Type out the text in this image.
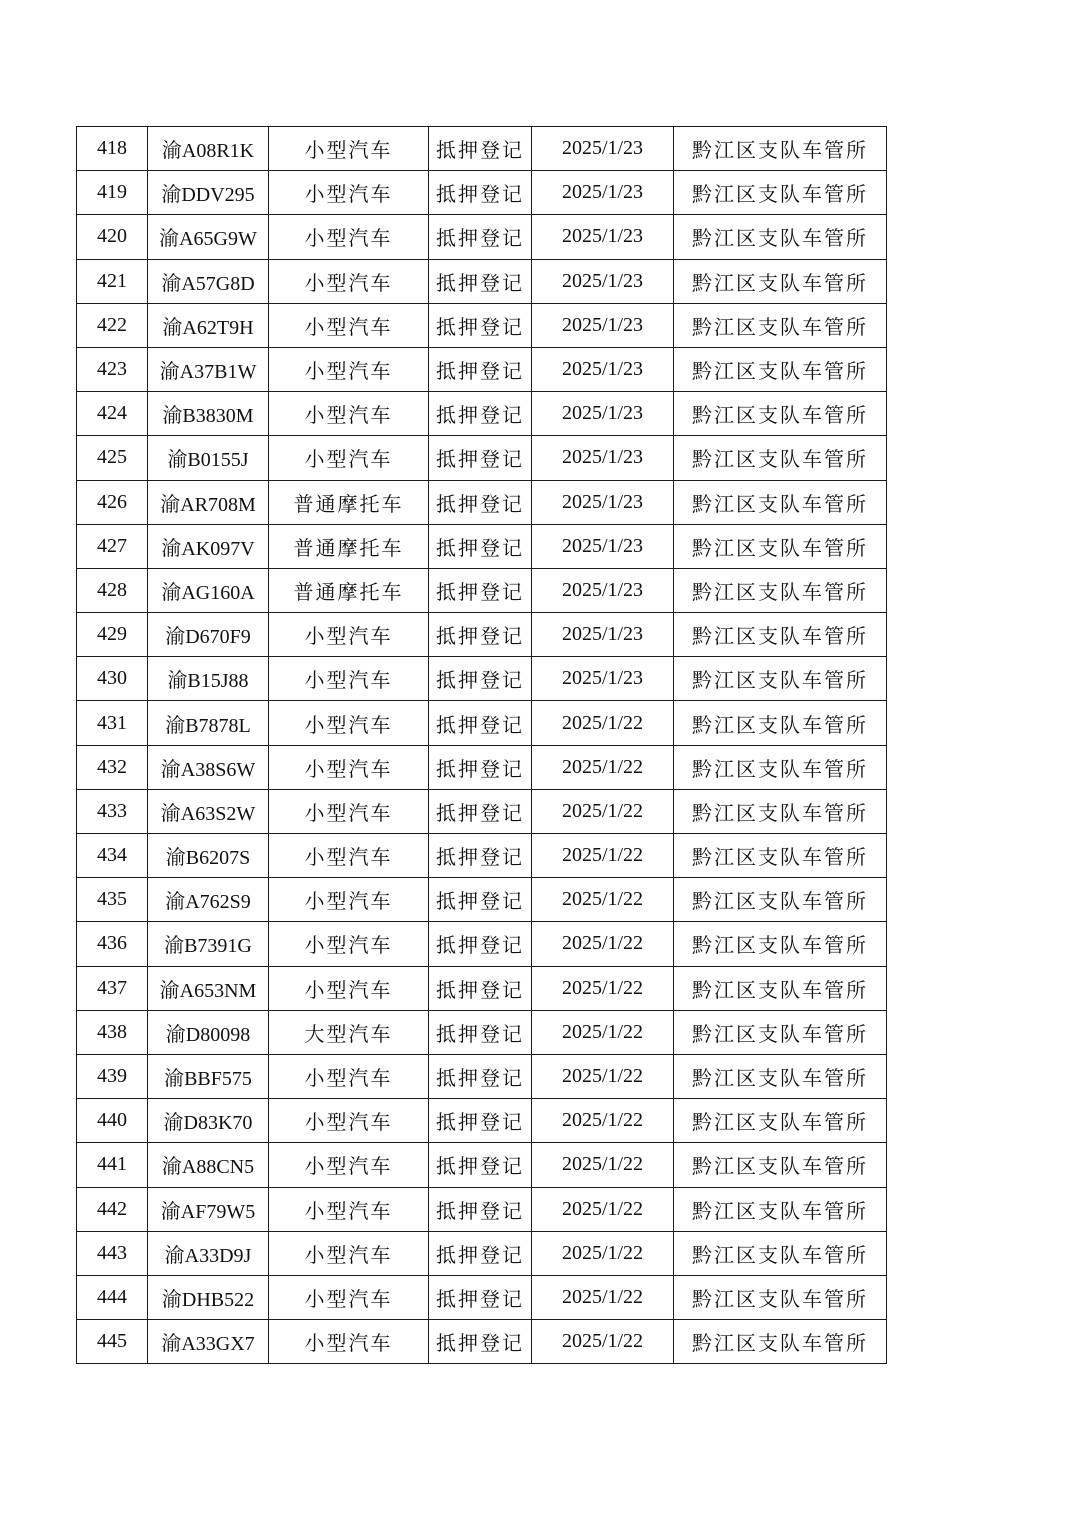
418	渝A08R1K	小型汽车	抵押登记	2025/1/23	黔江区支队车管所
419	渝DDV295	小型汽车	抵押登记	2025/1/23	黔江区支队车管所
420	渝A65G9W	小型汽车	抵押登记	2025/1/23	黔江区支队车管所
421	渝A57G8D	小型汽车	抵押登记	2025/1/23	黔江区支队车管所
422	渝A62T9H	小型汽车	抵押登记	2025/1/23	黔江区支队车管所
423	渝A37B1W	小型汽车	抵押登记	2025/1/23	黔江区支队车管所
424	渝B3830M	小型汽车	抵押登记	2025/1/23	黔江区支队车管所
425	渝B0155J	小型汽车	抵押登记	2025/1/23	黔江区支队车管所
426	渝AR708M	普通摩托车	抵押登记	2025/1/23	黔江区支队车管所
427	渝AK097V	普通摩托车	抵押登记	2025/1/23	黔江区支队车管所
428	渝AG160A	普通摩托车	抵押登记	2025/1/23	黔江区支队车管所
429	渝D670F9	小型汽车	抵押登记	2025/1/23	黔江区支队车管所
430	渝B15J88	小型汽车	抵押登记	2025/1/23	黔江区支队车管所
431	渝B7878L	小型汽车	抵押登记	2025/1/22	黔江区支队车管所
432	渝A38S6W	小型汽车	抵押登记	2025/1/22	黔江区支队车管所
433	渝A63S2W	小型汽车	抵押登记	2025/1/22	黔江区支队车管所
434	渝B6207S	小型汽车	抵押登记	2025/1/22	黔江区支队车管所
435	渝A762S9	小型汽车	抵押登记	2025/1/22	黔江区支队车管所
436	渝B7391G	小型汽车	抵押登记	2025/1/22	黔江区支队车管所
437	渝A653NM	小型汽车	抵押登记	2025/1/22	黔江区支队车管所
438	渝D80098	大型汽车	抵押登记	2025/1/22	黔江区支队车管所
439	渝BBF575	小型汽车	抵押登记	2025/1/22	黔江区支队车管所
440	渝D83K70	小型汽车	抵押登记	2025/1/22	黔江区支队车管所
441	渝A88CN5	小型汽车	抵押登记	2025/1/22	黔江区支队车管所
442	渝AF79W5	小型汽车	抵押登记	2025/1/22	黔江区支队车管所
443	渝A33D9J	小型汽车	抵押登记	2025/1/22	黔江区支队车管所
444	渝DHB522	小型汽车	抵押登记	2025/1/22	黔江区支队车管所
445	渝A33GX7	小型汽车	抵押登记	2025/1/22	黔江区支队车管所
